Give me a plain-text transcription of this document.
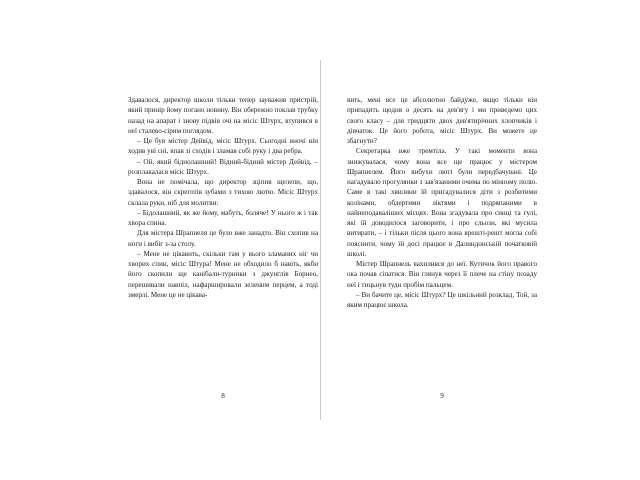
Здавалося, директор школи тільки тепер зауважив пристрій, який принір йому погано новину. Він обережно поклав трубку назад на апарат і знову підвів очі на місіс Штурх, втупився в неї сталево-сірим поглядом.

– Це був містер Дейвід, місіс Штурх. Сьогодні вночі він ходив уві сні, впав зі сходів і зламав собі руку і два ребра.

– Ой, який біднолашний! Відний-бідний містер Дейвід, – розплакалася місіс Штурх.

Вона не помічала, що директор зціпив щелепи, що, здавалося, він скреготів зубами з тихою лютю. Місіс Штурх склала руки, ніб для молитви:

– Бідолашний, як же йому, мабуть, боляче! У нього ж і так хвора спина.

Для містера Шрапнеля це було вже занадто. Він схопив на ноги і вибіг з-за столу.

– Мене не цікавить, скільки там у вього зламаних ніг чи хворих спин, місіс Штура! Мене не обходило б навіть, якби його скопили ще канібали-турники з джунглів Борнео, перешивали навпіл, нафаршировали зеленим перцем, а тоді змерлі. Мене це не цікава-

8

вить, мені все це абсолютно байдуже, якщо тільки він припадить щодня о десять на дев'ягу і ми приведемо цих свого класу – для тридцяти двох дев'ятирічних хлопчиків і дівчаток. Це його робота, місіс Штурх. Ви можете це збагнути?

Секретарка вже тремтіла. У такі моменти вона знижувалася, чому вона все ще працює у містером Шрапнелем. Його вибухи люті були передбачувані. Це нагадувало прогулянки з зав'язаними очима по мінному полю. Саме в такі хвилини їй пригадувалися діти з розбитими колінами, обдертими ліктями і подряпаними в найнеподаваліших місцях. Вона згадувала про синці та гулі, які їй доводилося заговорити, і про сльози, які мусила витирати, – і тільки після цього вона врешті-решт могла собі пояснити, чому їй досі працює в Далиндонській початковій школі.

Містер Шрапнель вахилився до неї. Кутичок його правого ока почав сіпатися. Він глянув через її плече на стіну позаду неї і тицьнув туди пробім пальцем.

– Ви бачите це, місіс Штурх? Це шкільний розклад. Той, за яким працює школа.

9
